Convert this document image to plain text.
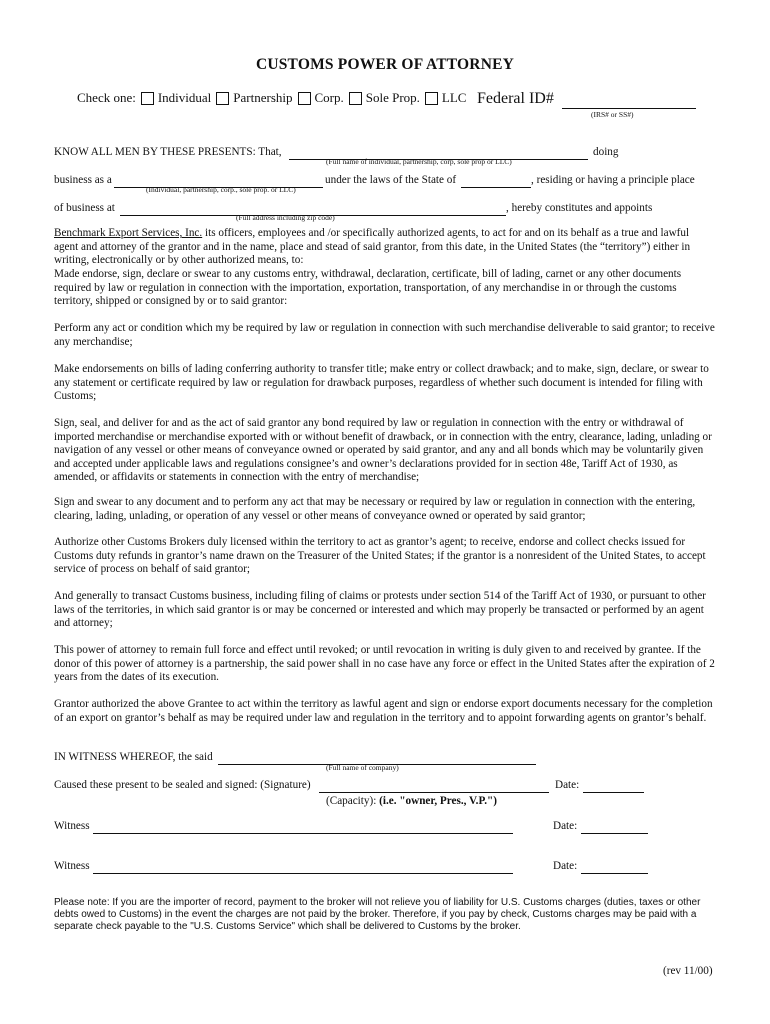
CUSTOMS POWER OF ATTORNEY
Check one: Individual Partnership Corp. Sole Prop. LLC Federal ID#
(IRS# or SS#)
KNOW ALL MEN BY THESE PRESENTS: That,	doing
(Full name of individual, partnership, corp, sole prop or LLC)
business as a
(Individual, partnership, corp., sole prop. or LLC)
under the laws of the State of	, residing or having a principle place
of business at	, hereby constitutes and appoints
(Full address including zip code)
Benchmark Export Services, Inc. its officers, employees and /or specifically authorized agents, to act for and on its behalf as a true and lawful agent and attorney of the grantor and in the name, place and stead of said grantor, from this date, in the United States (the “territory”) either in writing, electronically or by other authorized means, to:
Made endorse, sign, declare or swear to any customs entry, withdrawal, declaration, certificate, bill of lading, carnet or any other documents required by law or regulation in connection with the importation, exportation, transportation, of any merchandise in or through the customs territory, shipped or consigned by or to said grantor:
Perform any act or condition which my be required by law or regulation in connection with such merchandise deliverable to said grantor; to receive any merchandise;
Make endorsements on bills of lading conferring authority to transfer title; make entry or collect drawback; and to make, sign, declare, or swear to any statement or certificate required by law or regulation for drawback purposes, regardless of whether such document is intended for filing with Customs;
Sign, seal, and deliver for and as the act of said grantor any bond required by law or regulation in connection with the entry or withdrawal of imported merchandise or merchandise exported with or without benefit of drawback, or in connection with the entry, clearance, lading, unlading or navigation of any vessel or other means of conveyance owned or operated by said grantor, and any and all bonds which may be voluntarily given and accepted under applicable laws and regulations consignee’s and owner’s declarations provided for in section 48e, Tariff Act of 1930, as amended, or affidavits or statements in connection with the entry of merchandise;
Sign and swear to any document and to perform any act that may be necessary or required by law or regulation in connection with the entering, clearing, lading, unlading, or operation of any vessel or other means of conveyance owned or operated by said grantor;
Authorize other Customs Brokers duly licensed within the territory to act as grantor’s agent; to receive, endorse and collect checks issued for Customs duty refunds in grantor’s name drawn on the Treasurer of the United States; if the grantor is a nonresident of the United States, to accept service of process on behalf of said grantor;
And generally to transact Customs business, including filing of claims or protests under section 514 of the Tariff Act of 1930, or pursuant to other laws of the territories, in which said grantor is or may be concerned or interested and which may properly be transacted or performed by an agent and attorney;
This power of attorney to remain full force and effect until revoked; or until revocation in writing is duly given to and received by grantee. If the donor of this power of attorney is a partnership, the said power shall in no case have any force or effect in the United States after the expiration of 2 years from the dates of its execution.
Grantor authorized the above Grantee to act within the territory as lawful agent and sign or endorse export documents necessary for the completion of an export on grantor’s behalf as may be required under law and regulation in the territory and to appoint forwarding agents on grantor’s behalf.
IN WITNESS WHEREOF, the said
(Full name of company)
Caused these present to be sealed and signed: (Signature)	Date:
(Capacity): (i.e. "owner, Pres., V.P.")
Witness	Date:
Witness	Date:
Please note: If you are the importer of record, payment to the broker will not relieve you of liability for U.S. Customs charges (duties, taxes or other debts owed to Customs) in the event the charges are not paid by the broker. Therefore, if you pay by check, Customs charges may be paid with a separate check payable to the "U.S. Customs Service" which shall be delivered to Customs by the broker.
(rev 11/00)
